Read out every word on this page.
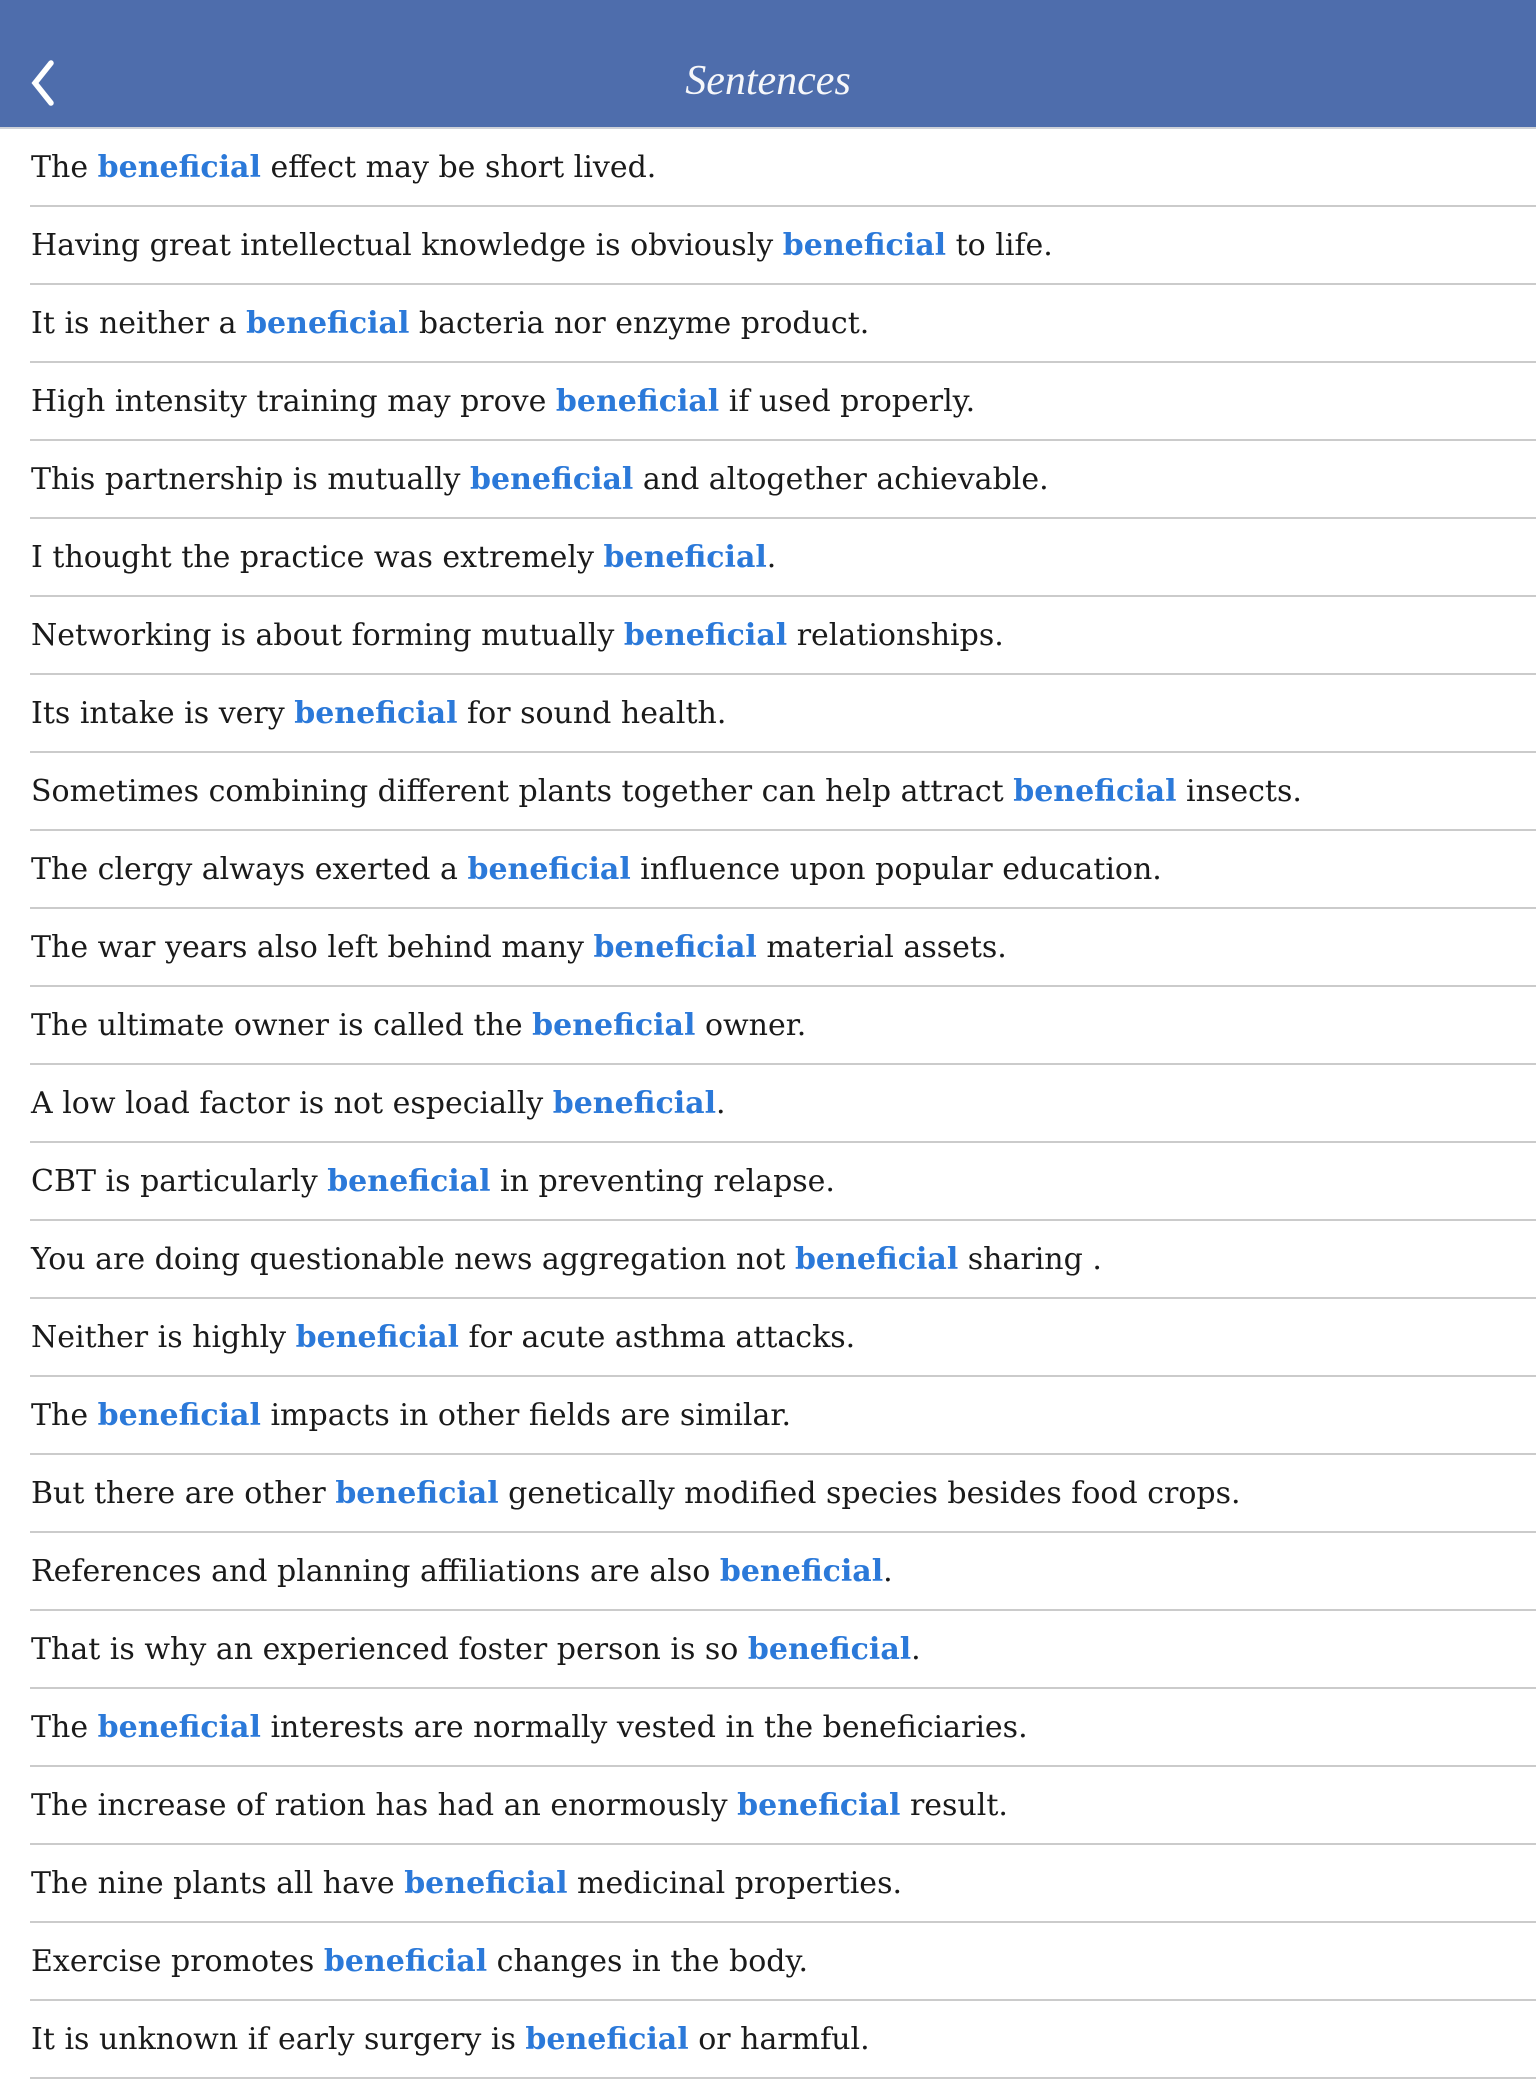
Sentences

The beneficial effect may be short lived.

Having great intellectual knowledge is obviously beneficial to life.

It is neither a beneficial bacteria nor enzyme product.

High intensity training may prove beneficial if used properly.

This partnership is mutually beneficial and altogether achievable.

I thought the practice was extremely beneficial.

Networking is about forming mutually beneficial relationships.

Its intake is very beneficial for sound health.

Sometimes combining different plants together can help attract beneficial insects.

The clergy always exerted a beneficial influence upon popular education.

The war years also left behind many beneficial material assets.

The ultimate owner is called the beneficial owner.

A low load factor is not especially beneficial.

CBT is particularly beneficial in preventing relapse.

You are doing questionable news aggregation not beneficial sharing .

Neither is highly beneficial for acute asthma attacks.

The beneficial impacts in other fields are similar.

But there are other beneficial genetically modified species besides food crops.

References and planning affiliations are also beneficial.

That is why an experienced foster person is so beneficial.

The beneficial interests are normally vested in the beneficiaries.

The increase of ration has had an enormously beneficial result.

The nine plants all have beneficial medicinal properties.

Exercise promotes beneficial changes in the body.

It is unknown if early surgery is beneficial or harmful.
